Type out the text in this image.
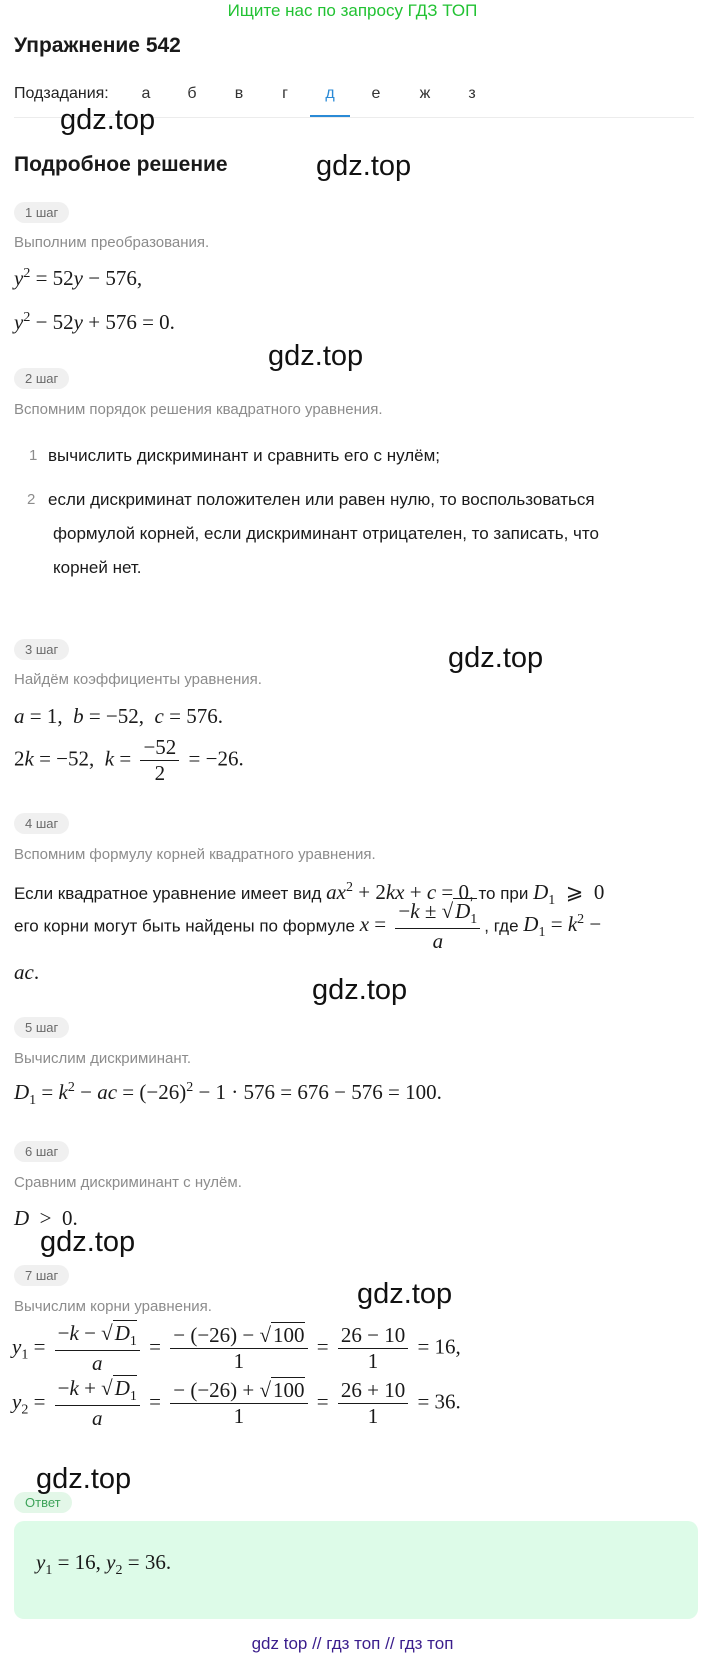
Ищите нас по запросу ГДЗ ТОП
Упражнение 542
Подзадания:	а	б	в	г	д	е	ж	з
gdz.top
Подробное решение	gdz.top
1 шаг
Выполним преобразования.
$y^2 = 52y - 576$,
$y^2 - 52y + 576 = 0$.
gdz.top
2 шаг
Вспомним порядок решения квадратного уравнения.
1 вычислить дискриминант и сравнить его с нулём;
2 если дискриминат положителен или равен нулю, то воспользоваться
формулой корней, если дискриминант отрицателен, то записать, что
корней нет.
3 шаг	gdz.top
Найдём коэффициенты уравнения.
a = 1,  b = −52,  c = 576.
2k = −52,  $k = \frac{-52}{2} = -26$.
4 шаг
Вспомним формулу корней квадратного уравнения.
Если квадратное уравнение имеет вид $ax^2 + 2kx + c = 0$, то при $D_1$  ⩾  0
его корни могут быть найдены по формуле $x = \frac{-k \pm √D_1}{a}$ , где $D_1 = k^2$ −
ac.
gdz.top
5 шаг
Вычислим дискриминант.
$D_1 = k^2$ − ac = $(-26)^2 - 1 \cdot 576 = 676 - 576 = 100$.
6 шаг
Сравним дискриминант с нулём.
D  >  0.
gdz.top
7 шаг
gdz.top
Вычислим корни уравнения.
$y_1 = \frac{-k - √D_1}{a} = \frac{- (-26) - √100}{1} = \frac{26 - 10}{1} = 16$,
$y_2 = \frac{-k + √D_1}{a} = \frac{- (-26) + √100}{1} = \frac{26 + 10}{1} = 36$.
Ответ
gdz.top
$y_1 = 16$, $y_2 = 36$.
gdz top // гдз топ // гдз топ
